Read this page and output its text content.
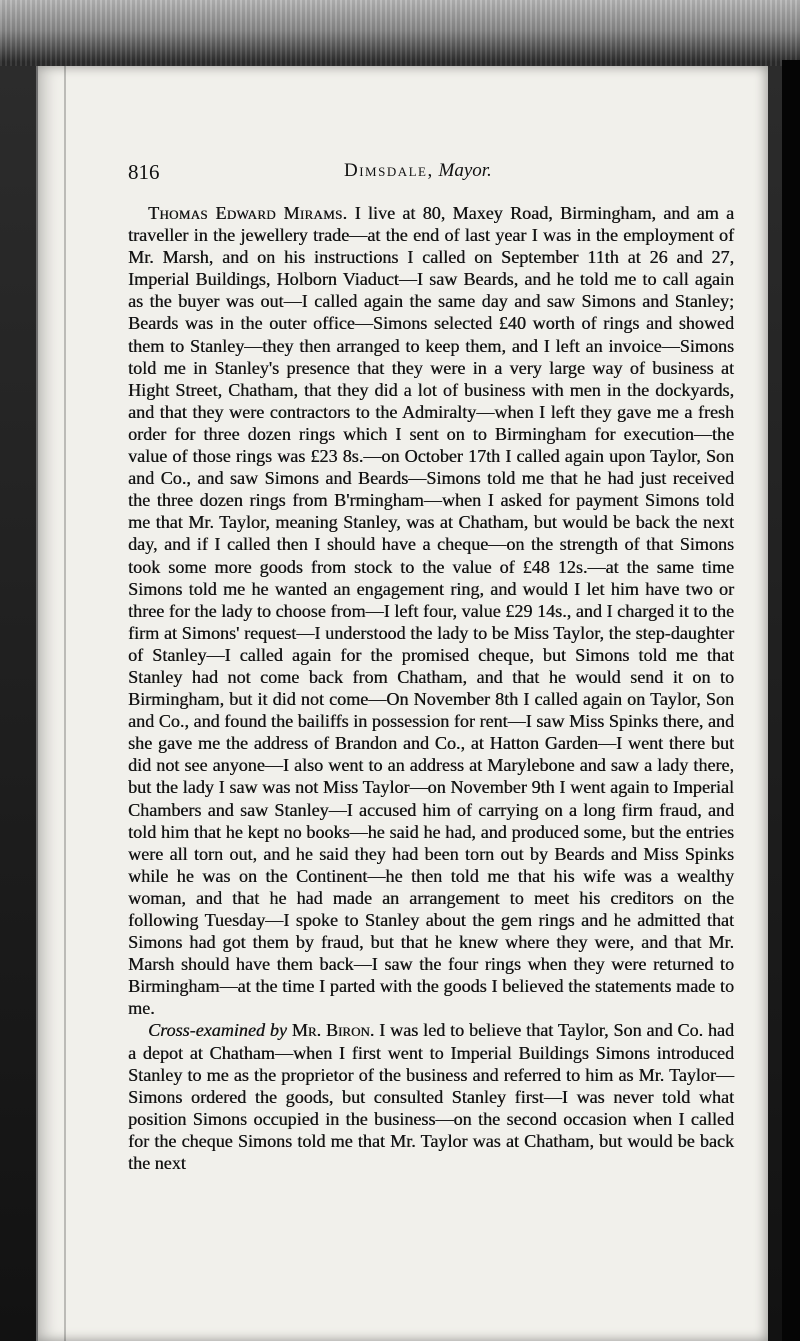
816	Dimsdale, Mayor.

Thomas Edward Mirams. I live at 80, Maxey Road, Birmingham, and am a traveller in the jewellery trade—at the end of last year I was in the employment of Mr. Marsh, and on his instructions I called on September 11th at 26 and 27, Imperial Buildings, Holborn Viaduct—I saw Beards, and he told me to call again as the buyer was out—I called again the same day and saw Simons and Stanley; Beards was in the outer office—Simons selected £40 worth of rings and showed them to Stanley—they then arranged to keep them, and I left an invoice—Simons told me in Stanley's presence that they were in a very large way of business at Hight Street, Chatham, that they did a lot of business with men in the dockyards, and that they were contractors to the Admiralty—when I left they gave me a fresh order for three dozen rings which I sent on to Birmingham for execution—the value of those rings was £23 8s.—on October 17th I called again upon Taylor, Son and Co., and saw Simons and Beards—Simons told me that he had just received the three dozen rings from B'rmingham—when I asked for payment Simons told me that Mr. Taylor, meaning Stanley, was at Chatham, but would be back the next day, and if I called then I should have a cheque—on the strength of that Simons took some more goods from stock to the value of £48 12s.—at the same time Simons told me he wanted an engagement ring, and would I let him have two or three for the lady to choose from—I left four, value £29 14s., and I charged it to the firm at Simons' request—I understood the lady to be Miss Taylor, the step-daughter of Stanley—I called again for the promised cheque, but Simons told me that Stanley had not come back from Chatham, and that he would send it on to Birmingham, but it did not come—On November 8th I called again on Taylor, Son and Co., and found the bailiffs in possession for rent—I saw Miss Spinks there, and she gave me the address of Brandon and Co., at Hatton Garden—I went there but did not see anyone—I also went to an address at Marylebone and saw a lady there, but the lady I saw was not Miss Taylor—on November 9th I went again to Imperial Chambers and saw Stanley—I accused him of carrying on a long firm fraud, and told him that he kept no books—he said he had, and produced some, but the entries were all torn out, and he said they had been torn out by Beards and Miss Spinks while he was on the Continent—he then told me that his wife was a wealthy woman, and that he had made an arrangement to meet his creditors on the following Tuesday—I spoke to Stanley about the gem rings and he admitted that Simons had got them by fraud, but that he knew where they were, and that Mr. Marsh should have them back—I saw the four rings when they were returned to Birmingham—at the time I parted with the goods I believed the statements made to me.

Cross-examined by Mr. Biron. I was led to believe that Taylor, Son and Co. had a depot at Chatham—when I first went to Imperial Buildings Simons introduced Stanley to me as the proprietor of the business and referred to him as Mr. Taylor—Simons ordered the goods, but consulted Stanley first—I was never told what position Simons occupied in the business—on the second occasion when I called for the cheque Simons told me that Mr. Taylor was at Chatham, but would be back the next
